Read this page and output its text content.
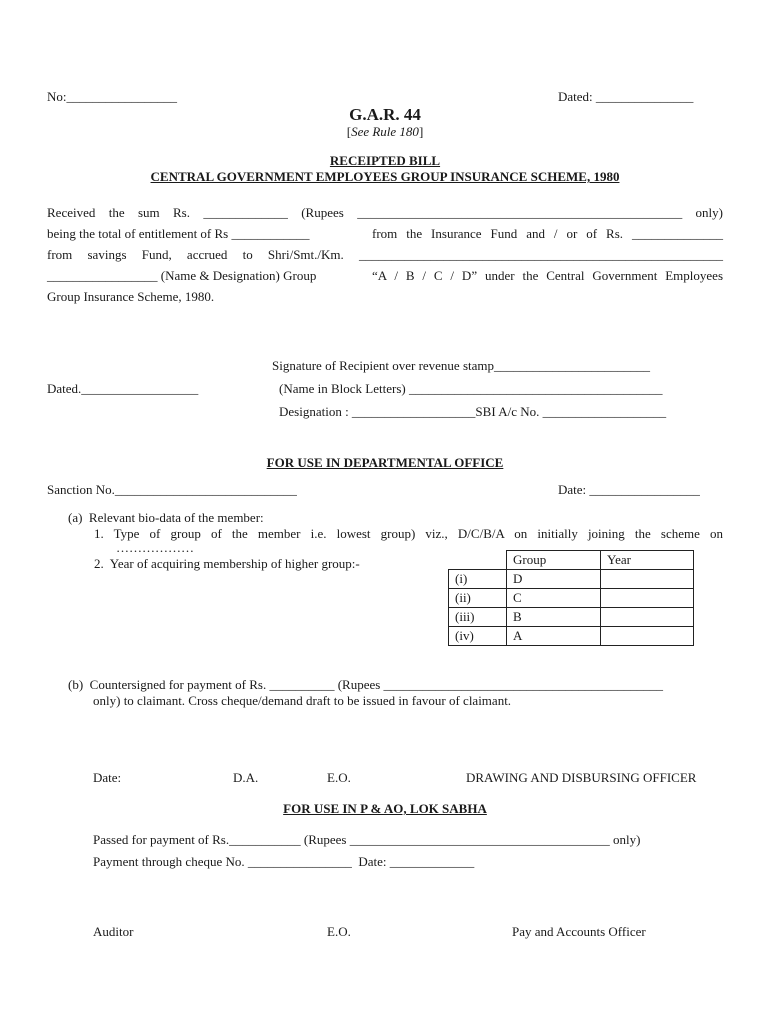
No:_________________	Dated: _______________
G.A.R. 44
[See Rule 180]
RECEIPTED BILL
CENTRAL GOVERNMENT EMPLOYEES GROUP INSURANCE SCHEME, 1980
Received the sum Rs. _____________ (Rupees __________________________________________________ only)
being the total of entitlement of Rs ____________	from the Insurance Fund and / or of Rs. ______________
from savings Fund, accrued to Shri/Smt./Km. ________________________________________________________
_________________ (Name & Designation) Group	“A / B / C / D” under the Central Government Employees
Group Insurance Scheme, 1980.
Signature of Recipient over revenue stamp________________________
Dated.__________________	(Name in Block Letters) _______________________________________
Designation : ___________________SBI A/c No. ___________________
FOR USE IN DEPARTMENTAL OFFICE
Sanction No.____________________________	Date: _________________
(a)  Relevant bio-data of the member:
1. Type of group of the member i.e. lowest group) viz., D/C/B/A on initially joining the scheme on
………………
2.  Year of acquiring membership of higher group:-
		Group	Year
(i)	D	
(ii)	C	
(iii)	B	
(iv)	A	
(b)  Countersigned for payment of Rs. __________ (Rupees ___________________________________________
only) to claimant. Cross cheque/demand draft to be issued in favour of claimant.
Date:	D.A.	E.O.	DRAWING AND DISBURSING OFFICER
FOR USE IN P & AO, LOK SABHA
Passed for payment of Rs.___________ (Rupees ________________________________________ only)
Payment through cheque No. ________________  Date: _____________
Auditor	E.O.	Pay and Accounts Officer
